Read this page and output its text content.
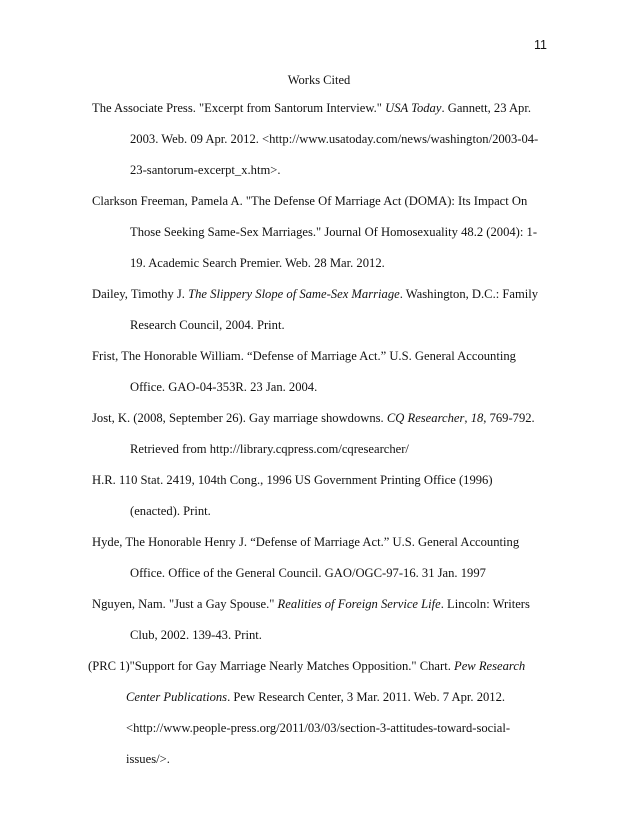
11
Works Cited
The Associate Press. "Excerpt from Santorum Interview." USA Today. Gannett, 23 Apr.
2003. Web. 09 Apr. 2012. <http://www.usatoday.com/news/washington/2003-04-
23-santorum-excerpt_x.htm>.
Clarkson Freeman, Pamela A. "The Defense Of Marriage Act (DOMA): Its Impact On
Those Seeking Same-Sex Marriages." Journal Of Homosexuality 48.2 (2004): 1-
19. Academic Search Premier. Web. 28 Mar. 2012.
Dailey, Timothy J. The Slippery Slope of Same-Sex Marriage. Washington, D.C.: Family
Research Council, 2004. Print.
Frist, The Honorable William. “Defense of Marriage Act.” U.S. General Accounting
Office. GAO-04-353R. 23 Jan. 2004.
Jost, K. (2008, September 26). Gay marriage showdowns. CQ Researcher, 18, 769-792.
Retrieved from http://library.cqpress.com/cqresearcher/
H.R. 110 Stat. 2419, 104th Cong., 1996 US Government Printing Office (1996)
(enacted). Print.
Hyde, The Honorable Henry J. “Defense of Marriage Act.” U.S. General Accounting
Office. Office of the General Council. GAO/OGC-97-16. 31 Jan. 1997
Nguyen, Nam. "Just a Gay Spouse." Realities of Foreign Service Life. Lincoln: Writers
Club, 2002. 139-43. Print.
(PRC 1)"Support for Gay Marriage Nearly Matches Opposition." Chart. Pew Research
Center Publications. Pew Research Center, 3 Mar. 2011. Web. 7 Apr. 2012.
<http://www.people-press.org/2011/03/03/section-3-attitudes-toward-social-
issues/>.
